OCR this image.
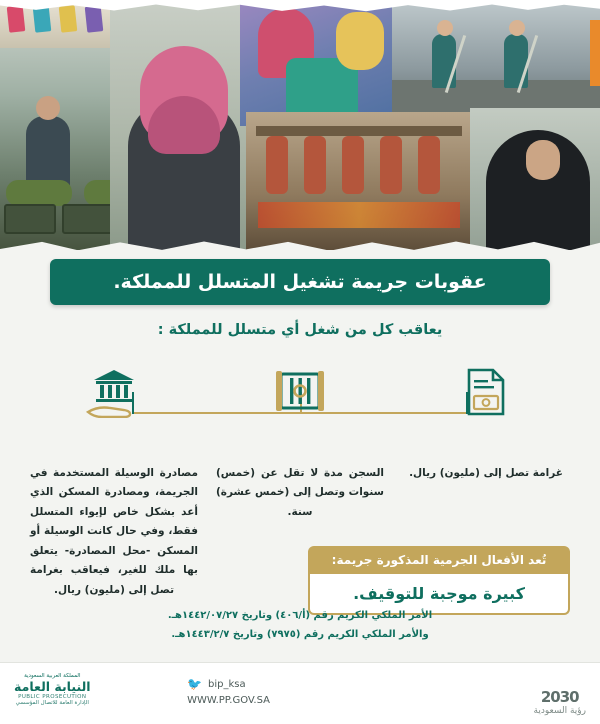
عقوبات جريمة تشغيل المتسلل للمملكة.
يعاقب كل من شغل أي متسلل للمملكة :
مصادرة الوسيلة المستخدمة في الجريمة، ومصادرة المسكن الذي أعد بشكل خاص لإيواء المتسلل فقط، وفي حال كانت الوسيلة أو المسكن -محل المصادرة- يتعلق بها ملك للغير، فيعاقب بغرامة تصل إلى (مليون) ريال.
السجن مدة لا تقل عن (خمس) سنوات وتصل إلى (خمس عشرة) سنة.
غرامة تصل إلى (مليون) ريال.
تُعد الأفعال الجرمية المذكورة جريمة:
كبيرة موجبة للتوقيف.
الأمر الملكي الكريم رقم (أ/٤٠٦) وتاريخ ١٤٤٢/٠٧/٢٧هـ.
والأمر الملكي الكريم رقم (٧٩٧٥) وتاريخ ١٤٤٣/٢/٧هـ.
🐦 bip_ksa
WWW.PP.GOV.SA
المملكة العربية السعودية
النيابة العامة
PUBLIC PROSECUTION
الإدارة العامة للاتصال المؤسسي	2030
رؤية السعودية
